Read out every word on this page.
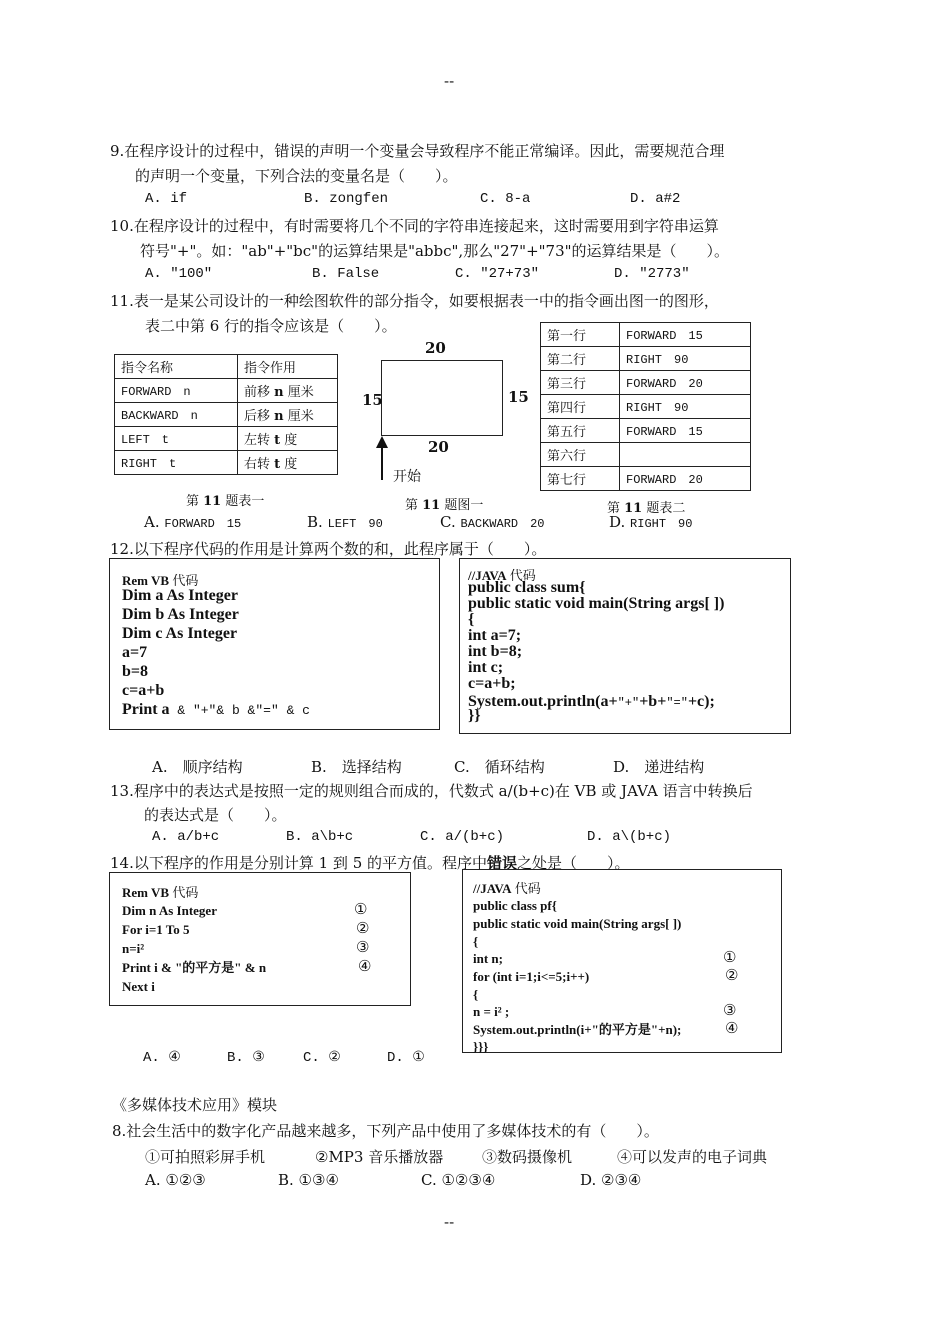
--
9.在程序设计的过程中，错误的声明一个变量会导致程序不能正常编译。因此，需要规范合理
的声明一个变量，下列合法的变量名是（　　）。
A. if	B. zongfen	C. 8-a	D. a#2
10.在程序设计的过程中，有时需要将几个不同的字符串连接起来，这时需要用到字符串运算
符号"+"。如："ab"+"bc"的运算结果是"abbc",那么"27"+"73"的运算结果是（　　）。
A. "100"	B. False	C. "27+73"	D. "2773"
11.表一是某公司设计的一种绘图软件的部分指令，如要根据表一中的指令画出图一的图形，
表二中第 6 行的指令应该是（　　）。
指令名称	指令作用
FORWARD　n	前移 n 厘米
BACKWARD　n	后移 n 厘米
LEFT　t	左转 t 度
RIGHT　t	右转 t 度
第 11 题表一
20
20
15	15
开始
第 11 题图一
第一行	FORWARD　15
第二行	RIGHT　90
第三行	FORWARD　20
第四行	RIGHT　90
第五行	FORWARD　15
第六行	
第七行	FORWARD　20
第 11 题表二
A. FORWARD　15	B. LEFT　90	C. BACKWARD　20	D. RIGHT　90
12.以下程序代码的作用是计算两个数的和，此程序属于（　　）。
Rem VB 代码
Dim a As Integer
Dim b As Integer
Dim c As Integer
a=7
b=8
c=a+b
Print a & "+"& b &"=" & c
//JAVA 代码
public class sum{
public static void main(String args[ ])
{
int a=7;
int b=8;
int c;
c=a+b;
System.out.println(a+"+"+b+"="+c);
}}
A.　顺序结构	B.　选择结构	C.　循环结构	D.　递进结构
13.程序中的表达式是按照一定的规则组合而成的，代数式 a/(b+c)在 VB 或 JAVA 语言中转换后
的表达式是（　　）。
A. a/b+c	B. a\b+c	C. a/(b+c)	D. a\(b+c)
14.以下程序的作用是分别计算 1 到 5 的平方值。程序中错误之处是（　　）。
Rem VB 代码
Dim n As Integer	①
For i=1 To 5	②
n=i²	③
Print i & "的平方是" & n	④
Next i
//JAVA 代码
public class pf{
public static void main(String args[ ])
{
int n;	①
for (int i=1;i<=5;i++)	②
{
n = i² ;	③
System.out.println(i+"的平方是"+n);	④
}}}
A. ④	B. ③	C. ②	D. ①
《多媒体技术应用》模块
8.社会生活中的数字化产品越来越多，下列产品中使用了多媒体技术的有（　　）。
①可拍照彩屏手机	②MP3 音乐播放器	③数码摄像机	④可以发声的电子词典
A. ①②③	B. ①③④	C. ①②③④	D. ②③④
--
